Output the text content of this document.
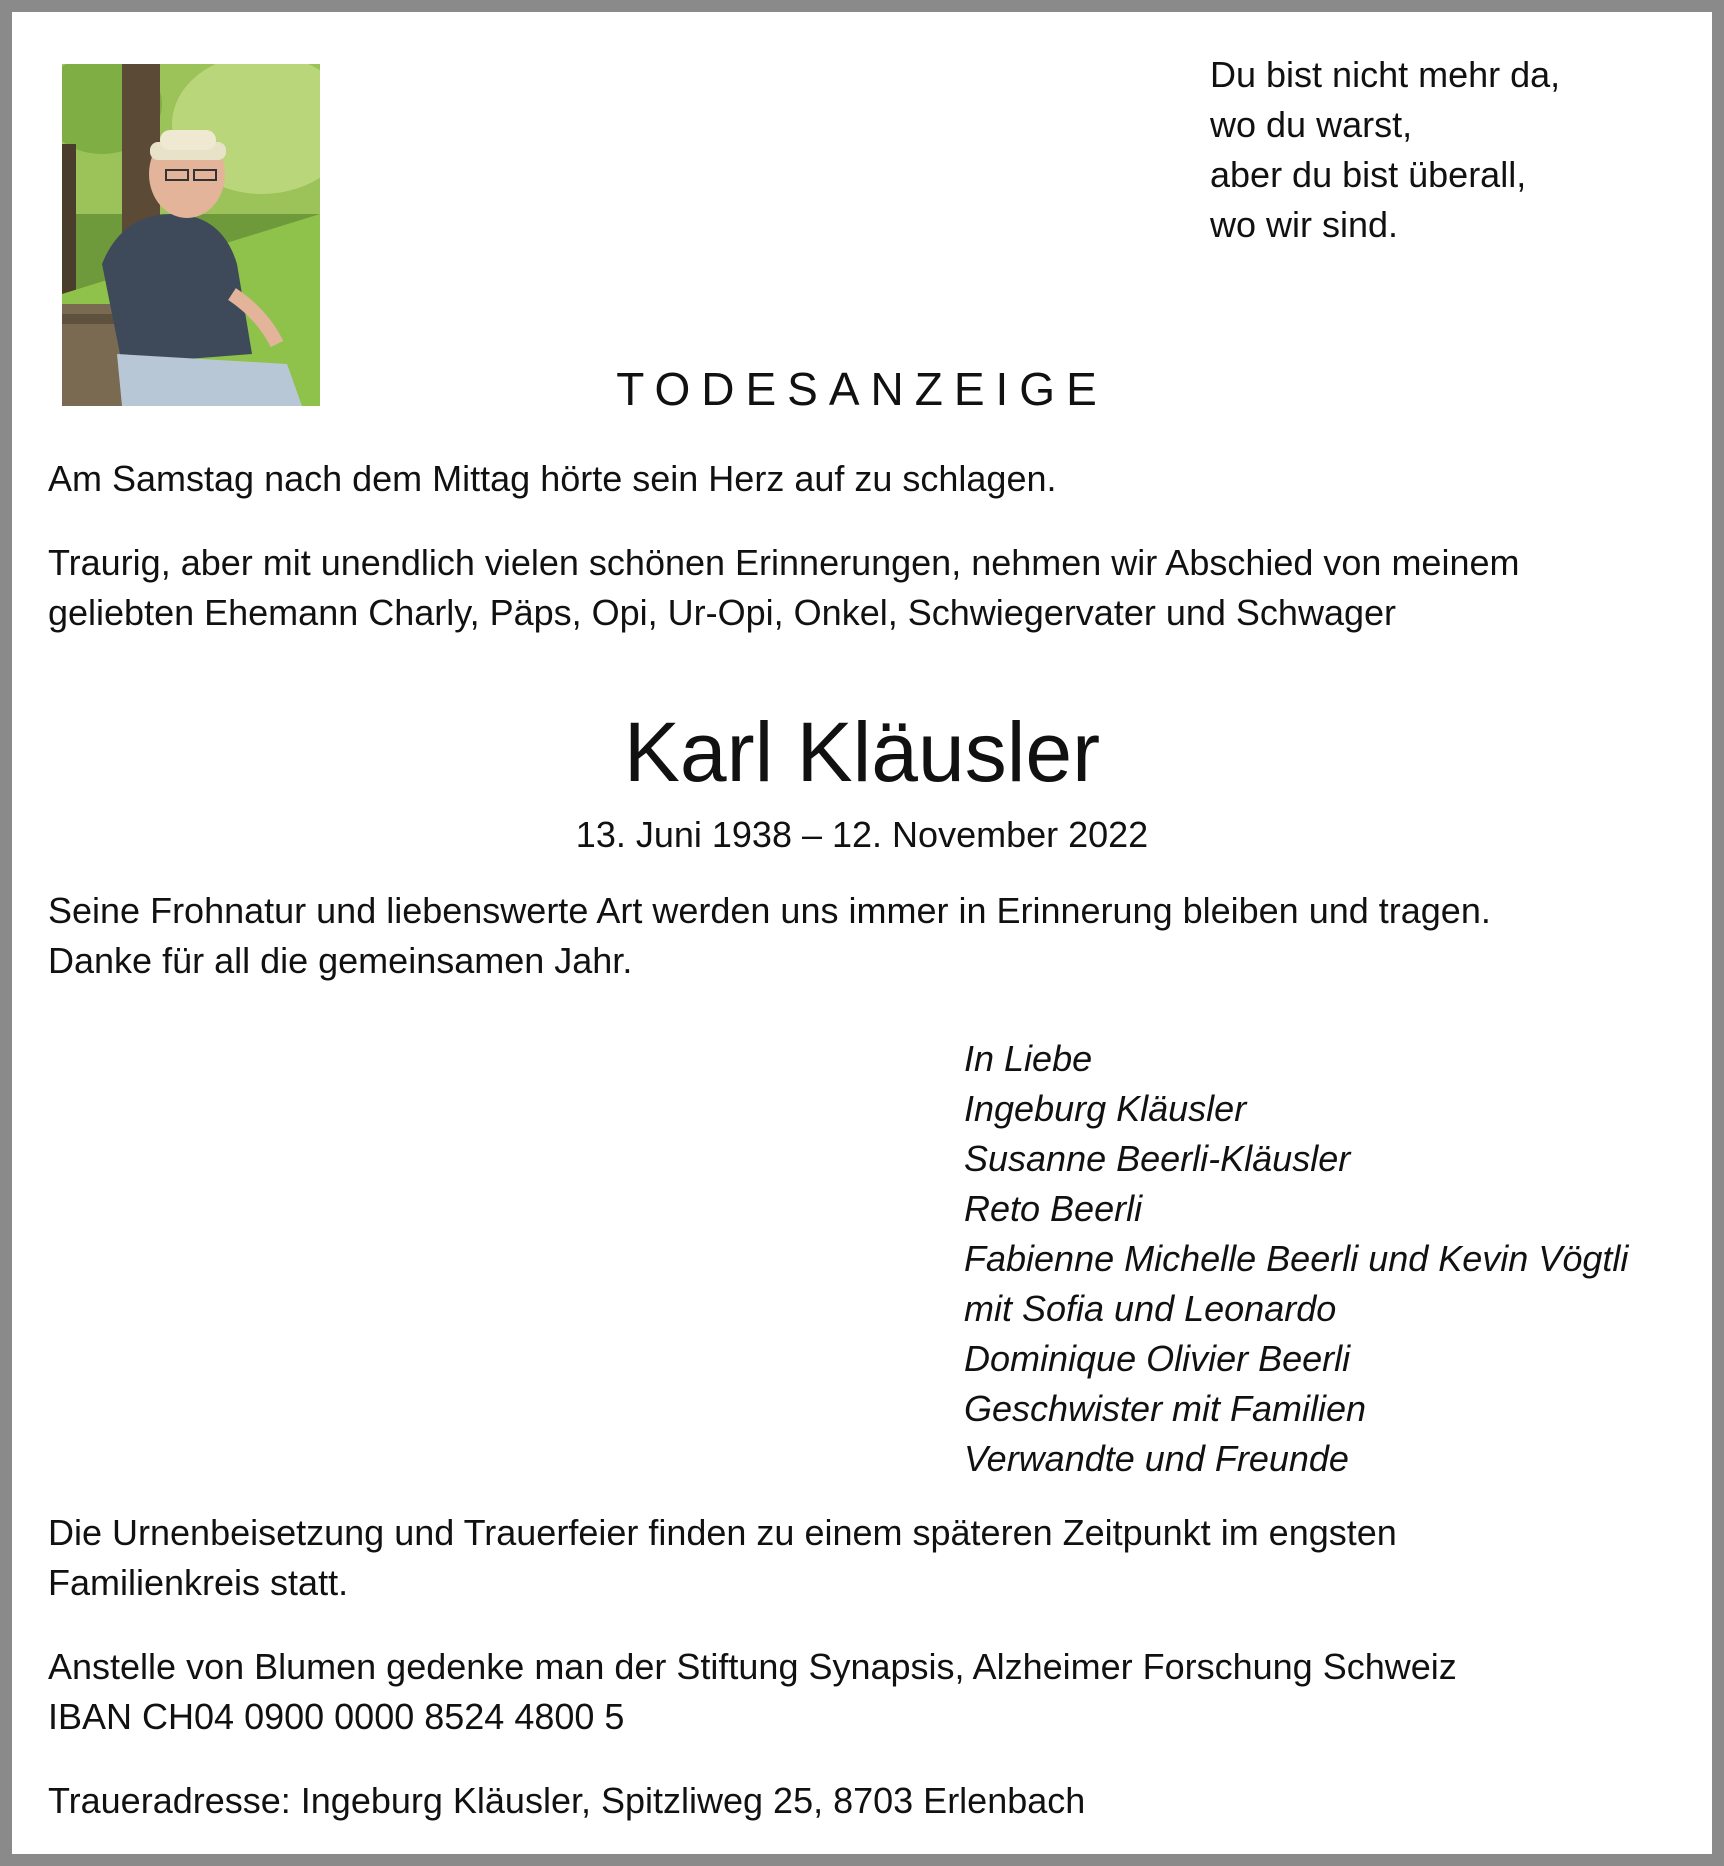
Du bist nicht mehr da,
wo du warst,
aber du bist überall,
wo wir sind.
TODESANZEIGE
Am Samstag nach dem Mittag hörte sein Herz auf zu schlagen.
Traurig, aber mit unendlich vielen schönen Erinnerungen, nehmen wir Abschied von meinem
geliebten Ehemann Charly, Päps, Opi, Ur-Opi, Onkel, Schwiegervater und Schwager
Karl Kläusler
13. Juni 1938 – 12. November 2022
Seine Frohnatur und liebenswerte Art werden uns immer in Erinnerung bleiben und tragen.
Danke für all die gemeinsamen Jahr.
In Liebe
Ingeburg Kläusler
Susanne Beerli-Kläusler
Reto Beerli
Fabienne Michelle Beerli und Kevin Vögtli
mit Sofia und Leonardo
Dominique Olivier Beerli
Geschwister mit Familien
Verwandte und Freunde
Die Urnenbeisetzung und Trauerfeier finden zu einem späteren Zeitpunkt im engsten
Familienkreis statt.
Anstelle von Blumen gedenke man der Stiftung Synapsis, Alzheimer Forschung Schweiz
IBAN CH04 0900 0000 8524 4800 5
Traueradresse: Ingeburg Kläusler, Spitzliweg 25, 8703 Erlenbach
